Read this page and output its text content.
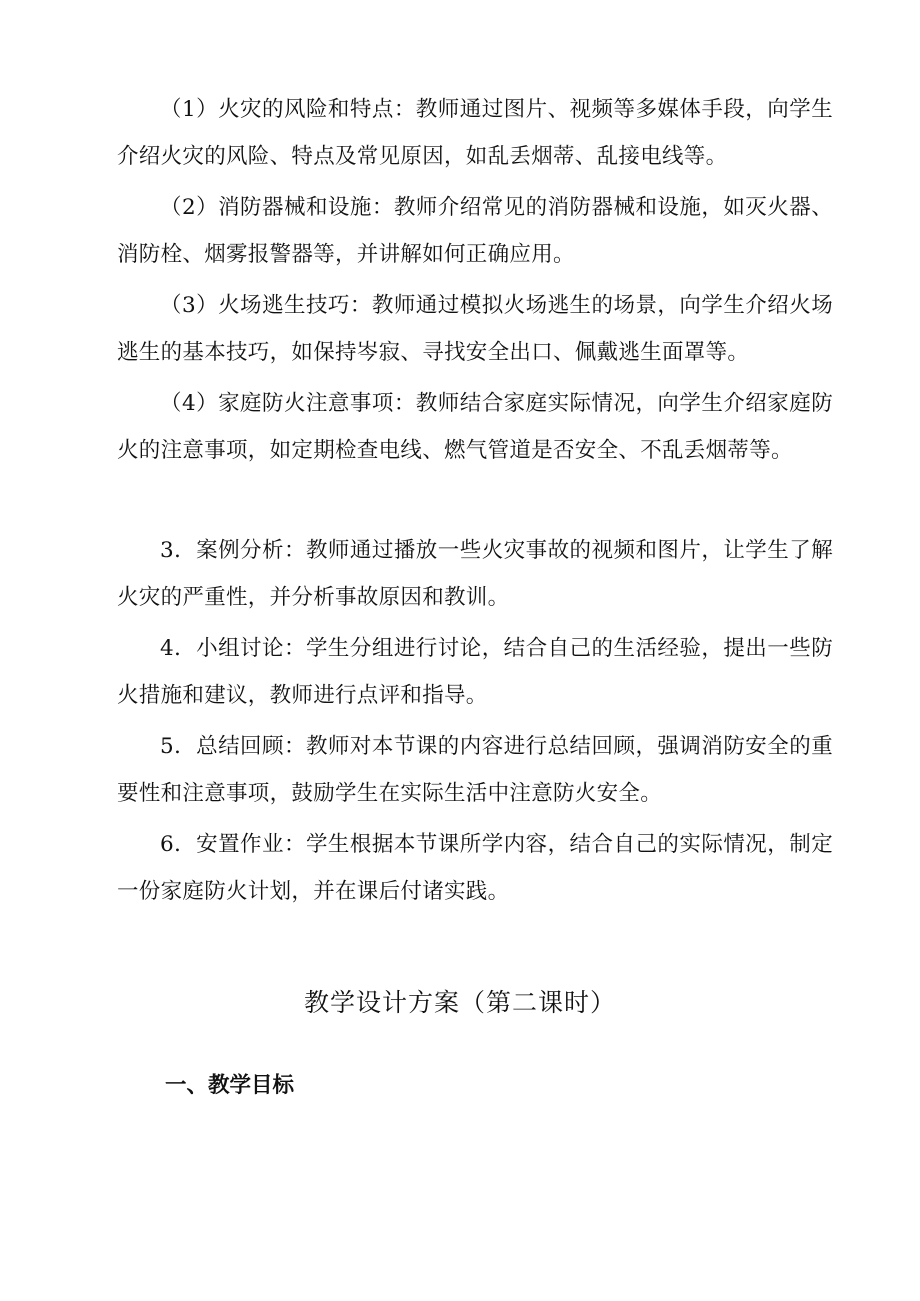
（1）火灾的风险和特点：教师通过图片、视频等多媒体手段，向学生介绍火灾的风险、特点及常见原因，如乱丢烟蒂、乱接电线等。

（2）消防器械和设施：教师介绍常见的消防器械和设施，如灭火器、消防栓、烟雾报警器等，并讲解如何正确应用。

（3）火场逃生技巧：教师通过模拟火场逃生的场景，向学生介绍火场逃生的基本技巧，如保持岑寂、寻找安全出口、佩戴逃生面罩等。

（4）家庭防火注意事项：教师结合家庭实际情况，向学生介绍家庭防火的注意事项，如定期检查电线、燃气管道是否安全、不乱丢烟蒂等。

3．案例分析：教师通过播放一些火灾事故的视频和图片，让学生了解火灾的严重性，并分析事故原因和教训。

4．小组讨论：学生分组进行讨论，结合自己的生活经验，提出一些防火措施和建议，教师进行点评和指导。

5．总结回顾：教师对本节课的内容进行总结回顾，强调消防安全的重要性和注意事项，鼓励学生在实际生活中注意防火安全。

6．安置作业：学生根据本节课所学内容，结合自己的实际情况，制定一份家庭防火计划，并在课后付诸实践。

教学设计方案（第二课时）
一、教学目标
